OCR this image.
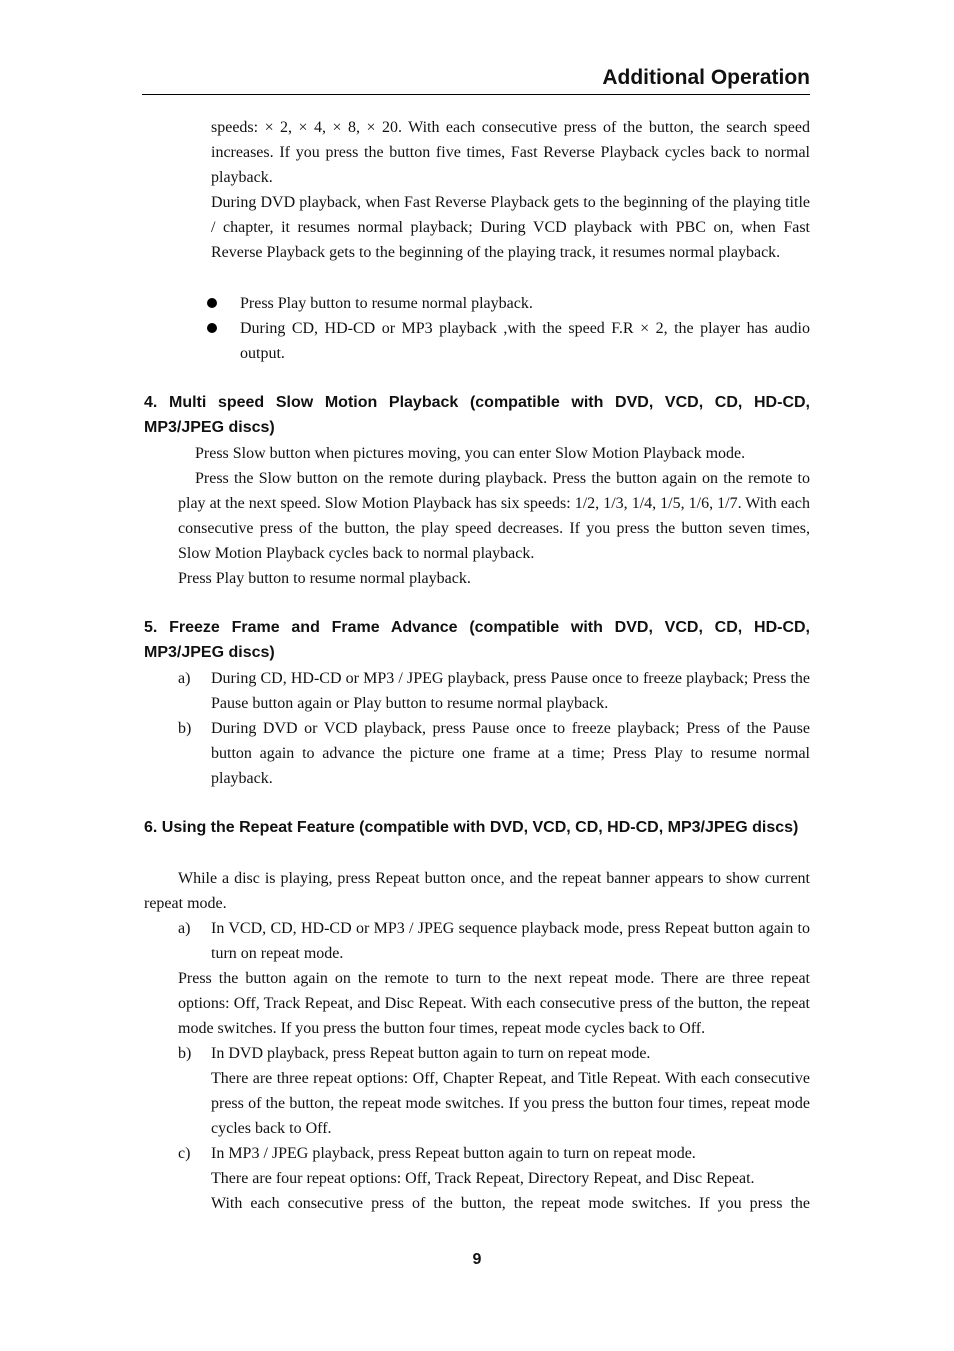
Additional Operation

speeds: × 2, × 4, × 8, × 20. With each consecutive press of the button, the search speed increases. If you press the button five times, Fast Reverse Playback cycles back to normal playback.

During DVD playback, when Fast Reverse Playback gets to the beginning of the playing title / chapter, it resumes normal playback; During VCD playback with PBC on, when Fast Reverse Playback gets to the beginning of the playing track, it resumes normal playback.

Press Play button to resume normal playback.
During CD, HD-CD or MP3 playback ,with the speed F.R × 2, the player has audio output.
4. Multi speed Slow Motion Playback (compatible with DVD, VCD, CD, HD-CD, MP3/JPEG discs)

Press Slow button when pictures moving, you can enter Slow Motion Playback mode.

Press the Slow button on the remote during playback. Press the button again on the remote to play at the next speed. Slow Motion Playback has six speeds: 1/2, 1/3, 1/4, 1/5, 1/6, 1/7. With each consecutive press of the button, the play speed decreases. If you press the button seven times, Slow Motion Playback cycles back to normal playback.

Press Play button to resume normal playback.

5. Freeze Frame and Frame Advance (compatible with DVD, VCD, CD, HD-CD, MP3/JPEG discs)
a) During CD, HD-CD or MP3 / JPEG playback, press Pause once to freeze playback; Press the Pause button again or Play button to resume normal playback.
b) During DVD or VCD playback, press Pause once to freeze playback; Press of the Pause button again to advance the picture one frame at a time; Press Play to resume normal playback.
6. Using the Repeat Feature (compatible with DVD, VCD, CD, HD-CD, MP3/JPEG discs)

While a disc is playing, press Repeat button once, and the repeat banner appears to show current repeat mode.

a) In VCD, CD, HD-CD or MP3 / JPEG sequence playback mode, press Repeat button again to turn on repeat mode.

Press the button again on the remote to turn to the next repeat mode. There are three repeat options: Off, Track Repeat, and Disc Repeat. With each consecutive press of the button, the repeat mode switches. If you press the button four times, repeat mode cycles back to Off.

b) In DVD playback, press Repeat button again to turn on repeat mode.

There are three repeat options: Off, Chapter Repeat, and Title Repeat. With each consecutive press of the button, the repeat mode switches. If you press the button four times, repeat mode cycles back to Off.

c) In MP3 / JPEG playback, press Repeat button again to turn on repeat mode.

There are four repeat options: Off, Track Repeat, Directory Repeat, and Disc Repeat.

With each consecutive press of the button, the repeat mode switches. If you press the

9
